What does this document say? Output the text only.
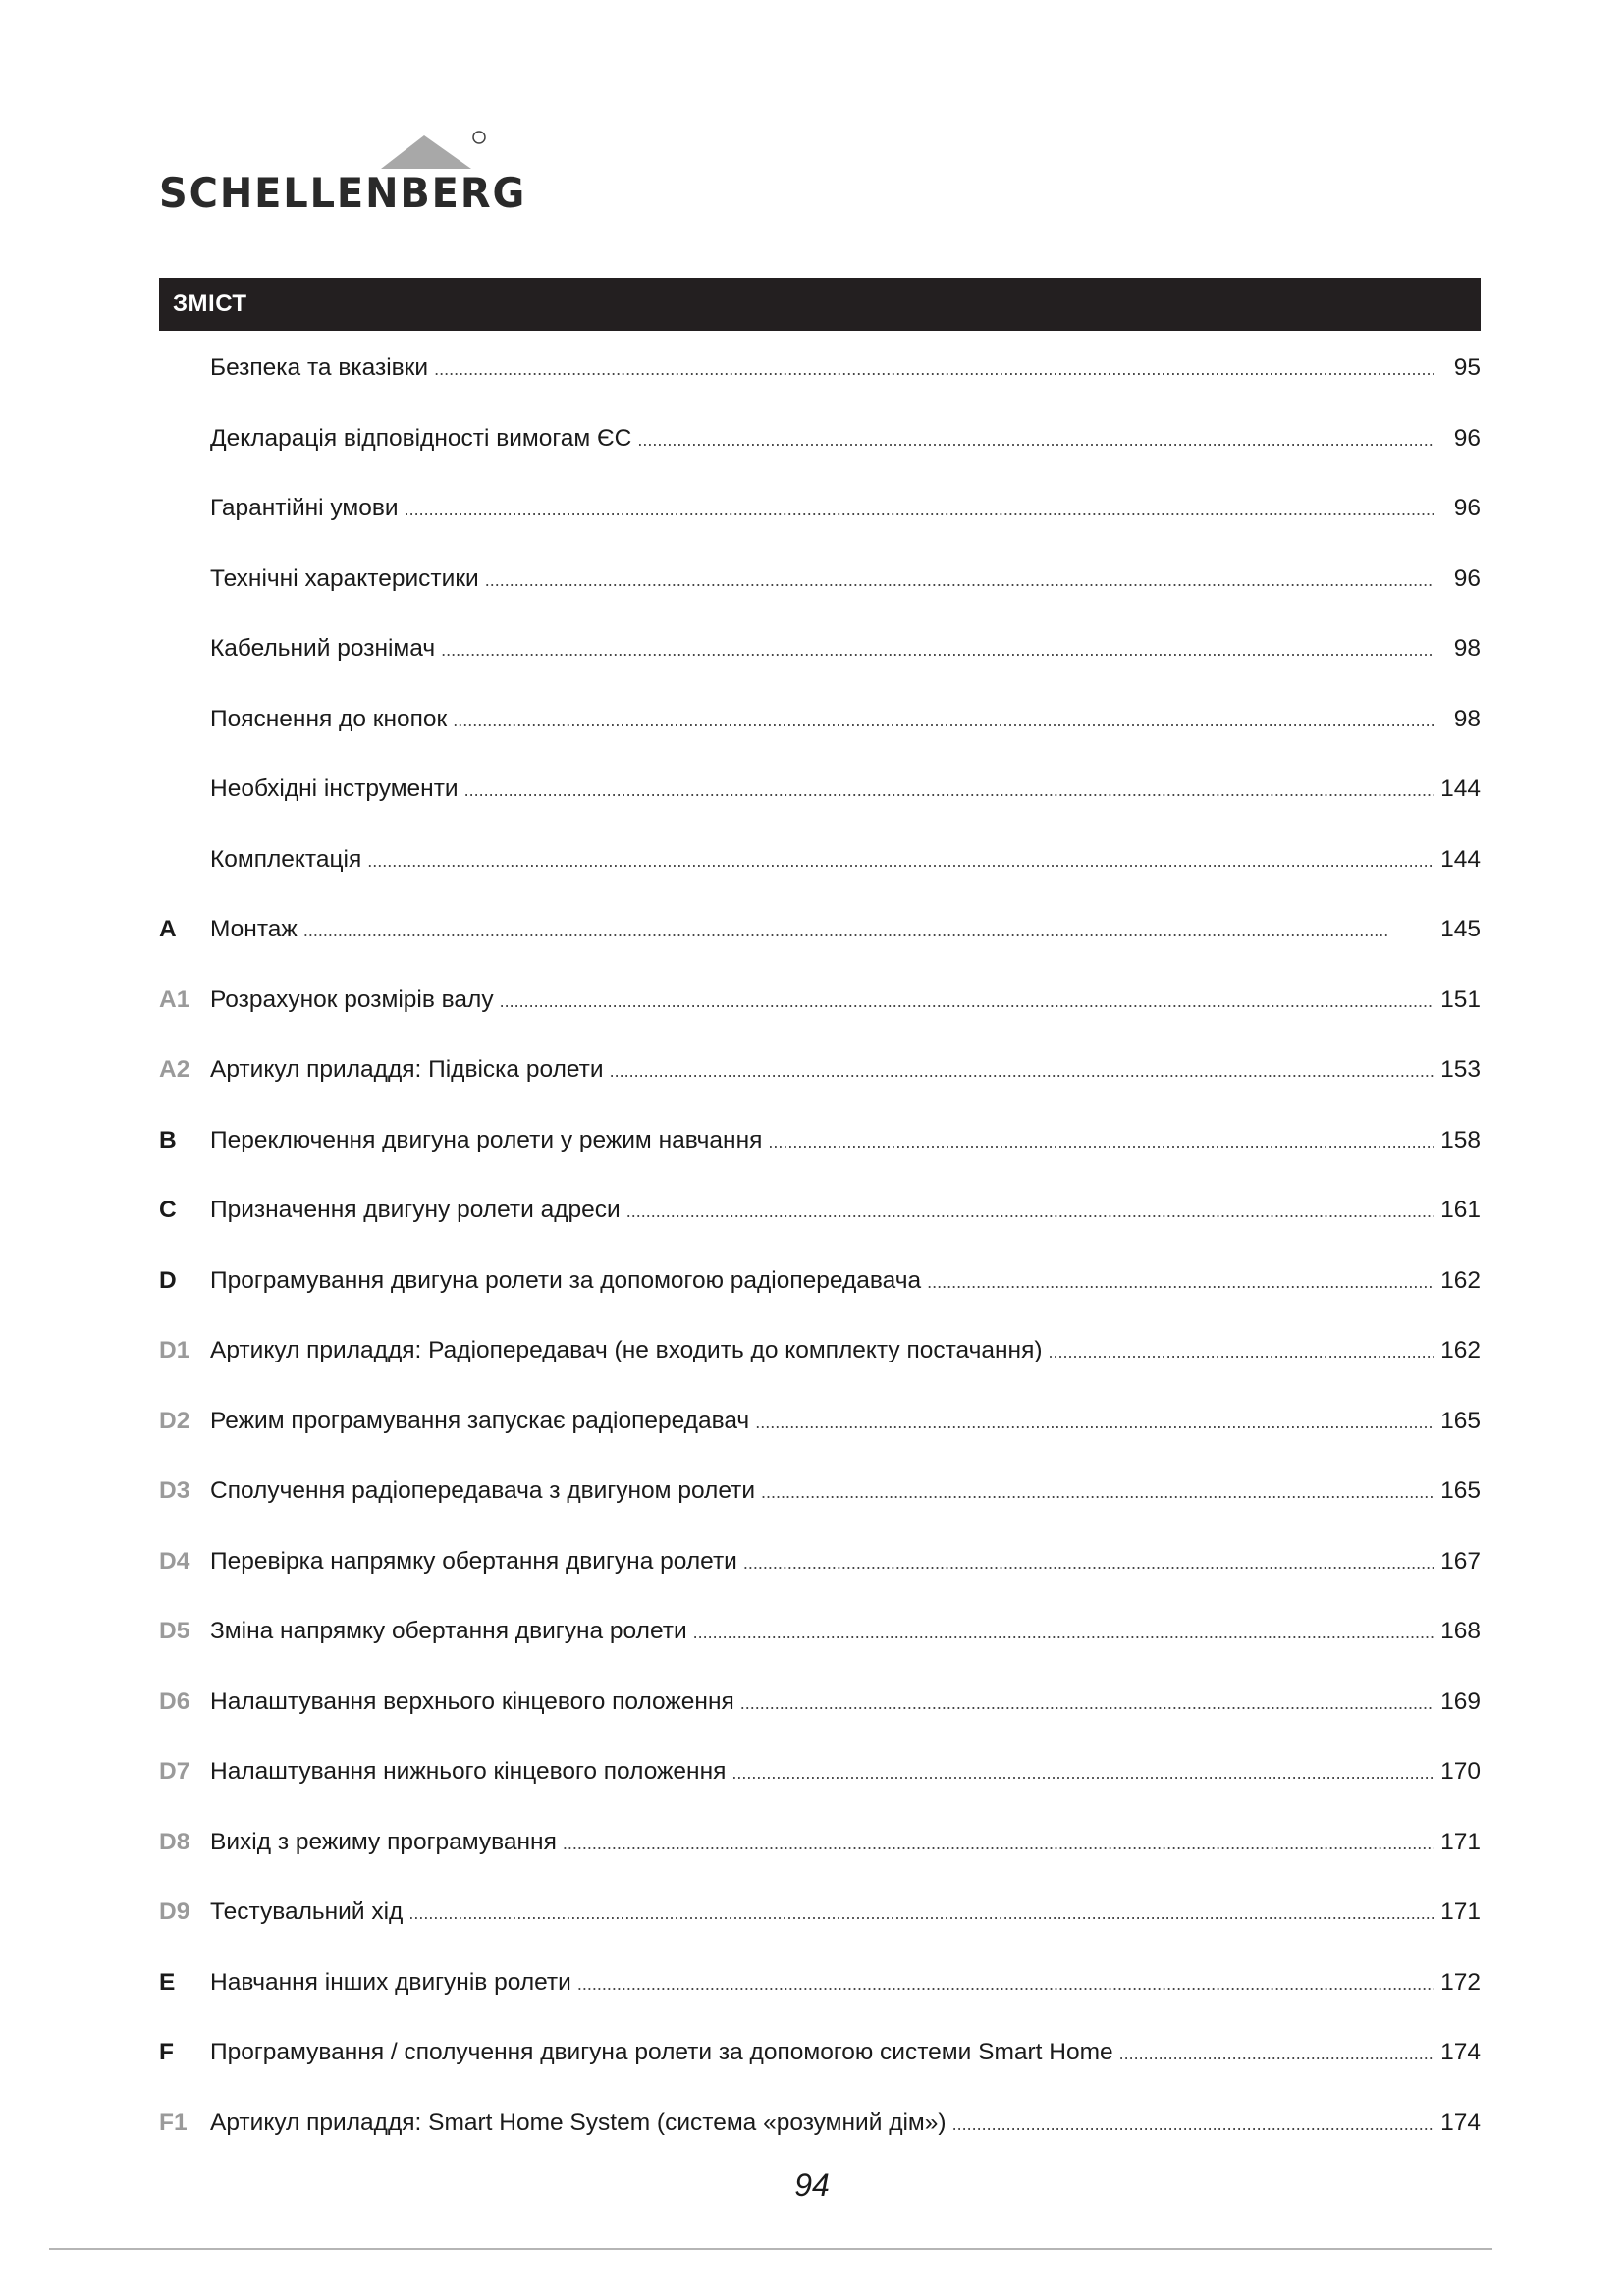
SCHELLENBERG
ЗМІСТ
Безпека та вказівки . . .	95
Декларація відповідності вимогам ЄС . . .	96
Гарантійні умови . . .	96
Технічні характеристики . . .	96
Кабельний рознімач . . .	98
Пояснення до кнопок . . .	98
Необхідні інструменти . . .	144
Комплектація . . .	144
A	Монтаж . . .	145
A1 Розрахунок розмірів валу . . .	151
A2 Артикул приладдя: Підвіска ролети . . .	153
B	Переключення двигуна ролети у режим навчання . . .	158
C	Призначення двигуну ролети адреси . . .	161
D	Програмування двигуна ролети за допомогою радіопередавача . . .	162
D1 Артикул приладдя: Радіопередавач (не входить до комплекту постачання) . . .	162
D2 Режим програмування запускає радіопередавач . . .	165
D3 Сполучення радіопередавача з двигуном ролети . . .	165
D4 Перевірка напрямку обертання двигуна ролети . . .	167
D5 Зміна напрямку обертання двигуна ролети . . .	168
D6 Налаштування верхнього кінцевого положення . . .	169
D7 Налаштування нижнього кінцевого положення . . .	170
D8 Вихід з режиму програмування . . .	171
D9 Тестувальний хід . . .	171
E	Навчання інших двигунів ролети . . .	172
F	Програмування / сполучення двигуна ролети за допомогою системи Smart Home . . .	174
F1 Артикул приладдя: Smart Home System (система «розумний дім») . . .	174
94
